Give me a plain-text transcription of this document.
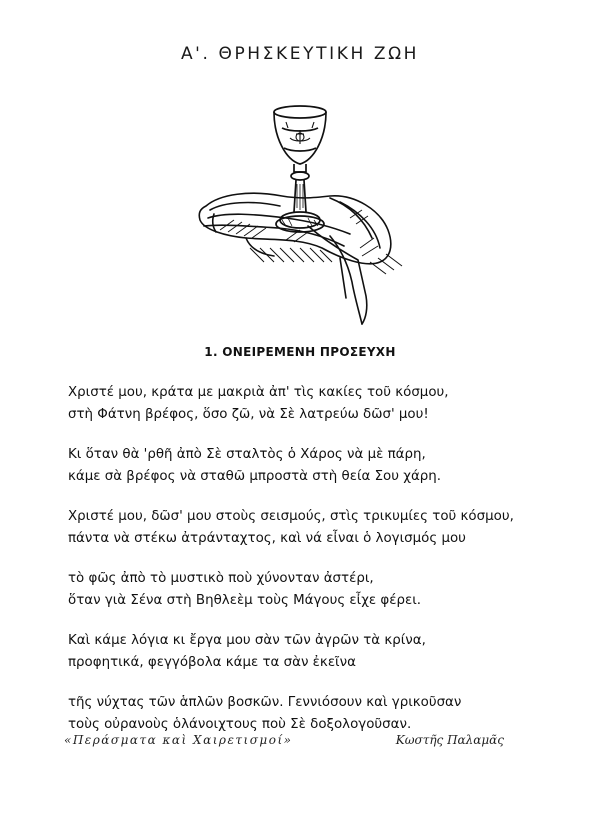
Α'. ΘΡΗΣΚΕΥΤΙΚΗ ΖΩΗ
1. ΟΝΕΙΡΕΜΕΝΗ ΠΡΟΣΕΥΧΗ
Χριστέ μου, κράτα με μακριὰ ἀπ' τὶς κακίες τοῦ κόσμου,
στὴ Φάτνη βρέφος, ὅσο ζῶ, νὰ Σὲ λατρεύω δῶσ' μου!
Κι ὅταν θὰ 'ρθῆ ἀπὸ Σὲ σταλτὸς ὁ Χάρος νὰ μὲ πάρη,
κάμε σὰ βρέφος νὰ σταθῶ μπροστὰ στὴ θεία Σου χάρη.
Χριστέ μου, δῶσ' μου στοὺς σεισμούς, στὶς τρικυμίες τοῦ κόσμου,
πάντα νὰ στέκω ἀτράνταχτος, καὶ νά εἶναι ὁ λογισμός μου
τὸ φῶς ἀπὸ τὸ μυστικὸ ποὺ χύνονταν ἀστέρι,
ὅταν γιὰ Σένα στὴ Βηθλεὲμ τοὺς Μάγους εἶχε φέρει.
Καὶ κάμε λόγια κι ἔργα μου σὰν τῶν ἀγρῶν τὰ κρίνα,
προφητικά, φεγγόβολα κάμε τα σὰν ἐκεῖνα
τῆς νύχτας τῶν ἁπλῶν βοσκῶν. Γεννιόσουν καὶ γρικοῦσαν
τοὺς οὐρανοὺς ὁλάνοιχτους ποὺ Σὲ δοξολογοῦσαν.
«Περάσματα καὶ Χαιρετισμοί»	Κωστῆς Παλαμᾶς
